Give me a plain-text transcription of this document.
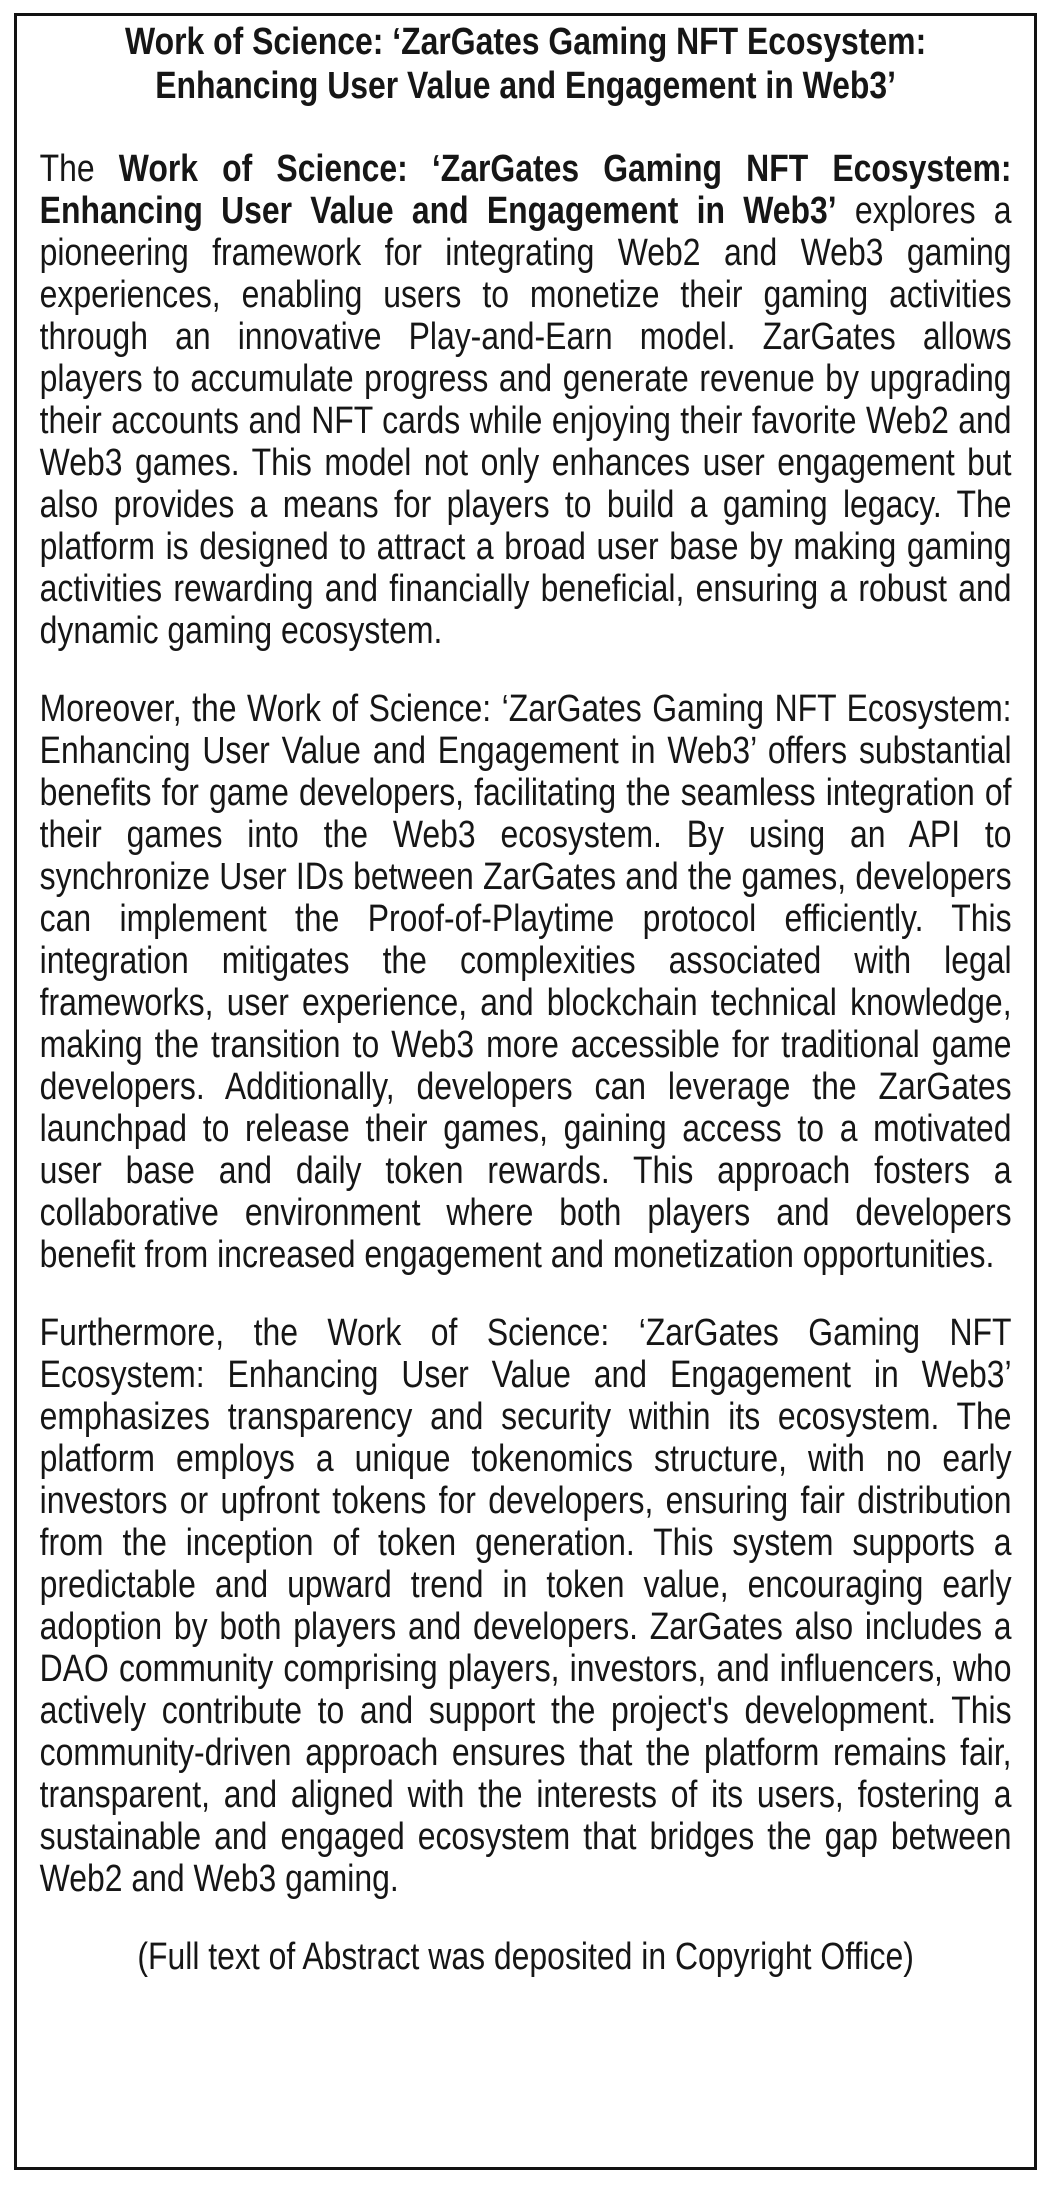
Work of Science: ‘ZarGates Gaming NFT Ecosystem: Enhancing User Value and Engagement in Web3’

The Work of Science: ‘ZarGates Gaming NFT Ecosystem: Enhancing User Value and Engagement in Web3’ explores a pioneering framework for integrating Web2 and Web3 gaming experiences, enabling users to monetize their gaming activities through an innovative Play-and-Earn model. ZarGates allows players to accumulate progress and generate revenue by upgrading their accounts and NFT cards while enjoying their favorite Web2 and Web3 games. This model not only enhances user engagement but also provides a means for players to build a gaming legacy. The platform is designed to attract a broad user base by making gaming activities rewarding and financially beneficial, ensuring a robust and dynamic gaming ecosystem.

Moreover, the Work of Science: ‘ZarGates Gaming NFT Ecosystem: Enhancing User Value and Engagement in Web3’ offers substantial benefits for game developers, facilitating the seamless integration of their games into the Web3 ecosystem. By using an API to synchronize User IDs between ZarGates and the games, developers can implement the Proof-of-Playtime protocol efficiently. This integration mitigates the complexities associated with legal frameworks, user experience, and blockchain technical knowledge, making the transition to Web3 more accessible for traditional game developers. Additionally, developers can leverage the ZarGates launchpad to release their games, gaining access to a motivated user base and daily token rewards. This approach fosters a collaborative environment where both players and developers benefit from increased engagement and monetization opportunities.

Furthermore, the Work of Science: ‘ZarGates Gaming NFT Ecosystem: Enhancing User Value and Engagement in Web3’ emphasizes transparency and security within its ecosystem. The platform employs a unique tokenomics structure, with no early investors or upfront tokens for developers, ensuring fair distribution from the inception of token generation. This system supports a predictable and upward trend in token value, encouraging early adoption by both players and developers. ZarGates also includes a DAO community comprising players, investors, and influencers, who actively contribute to and support the project's development. This community-driven approach ensures that the platform remains fair, transparent, and aligned with the interests of its users, fostering a sustainable and engaged ecosystem that bridges the gap between Web2 and Web3 gaming.

(Full text of Abstract was deposited in Copyright Office)
